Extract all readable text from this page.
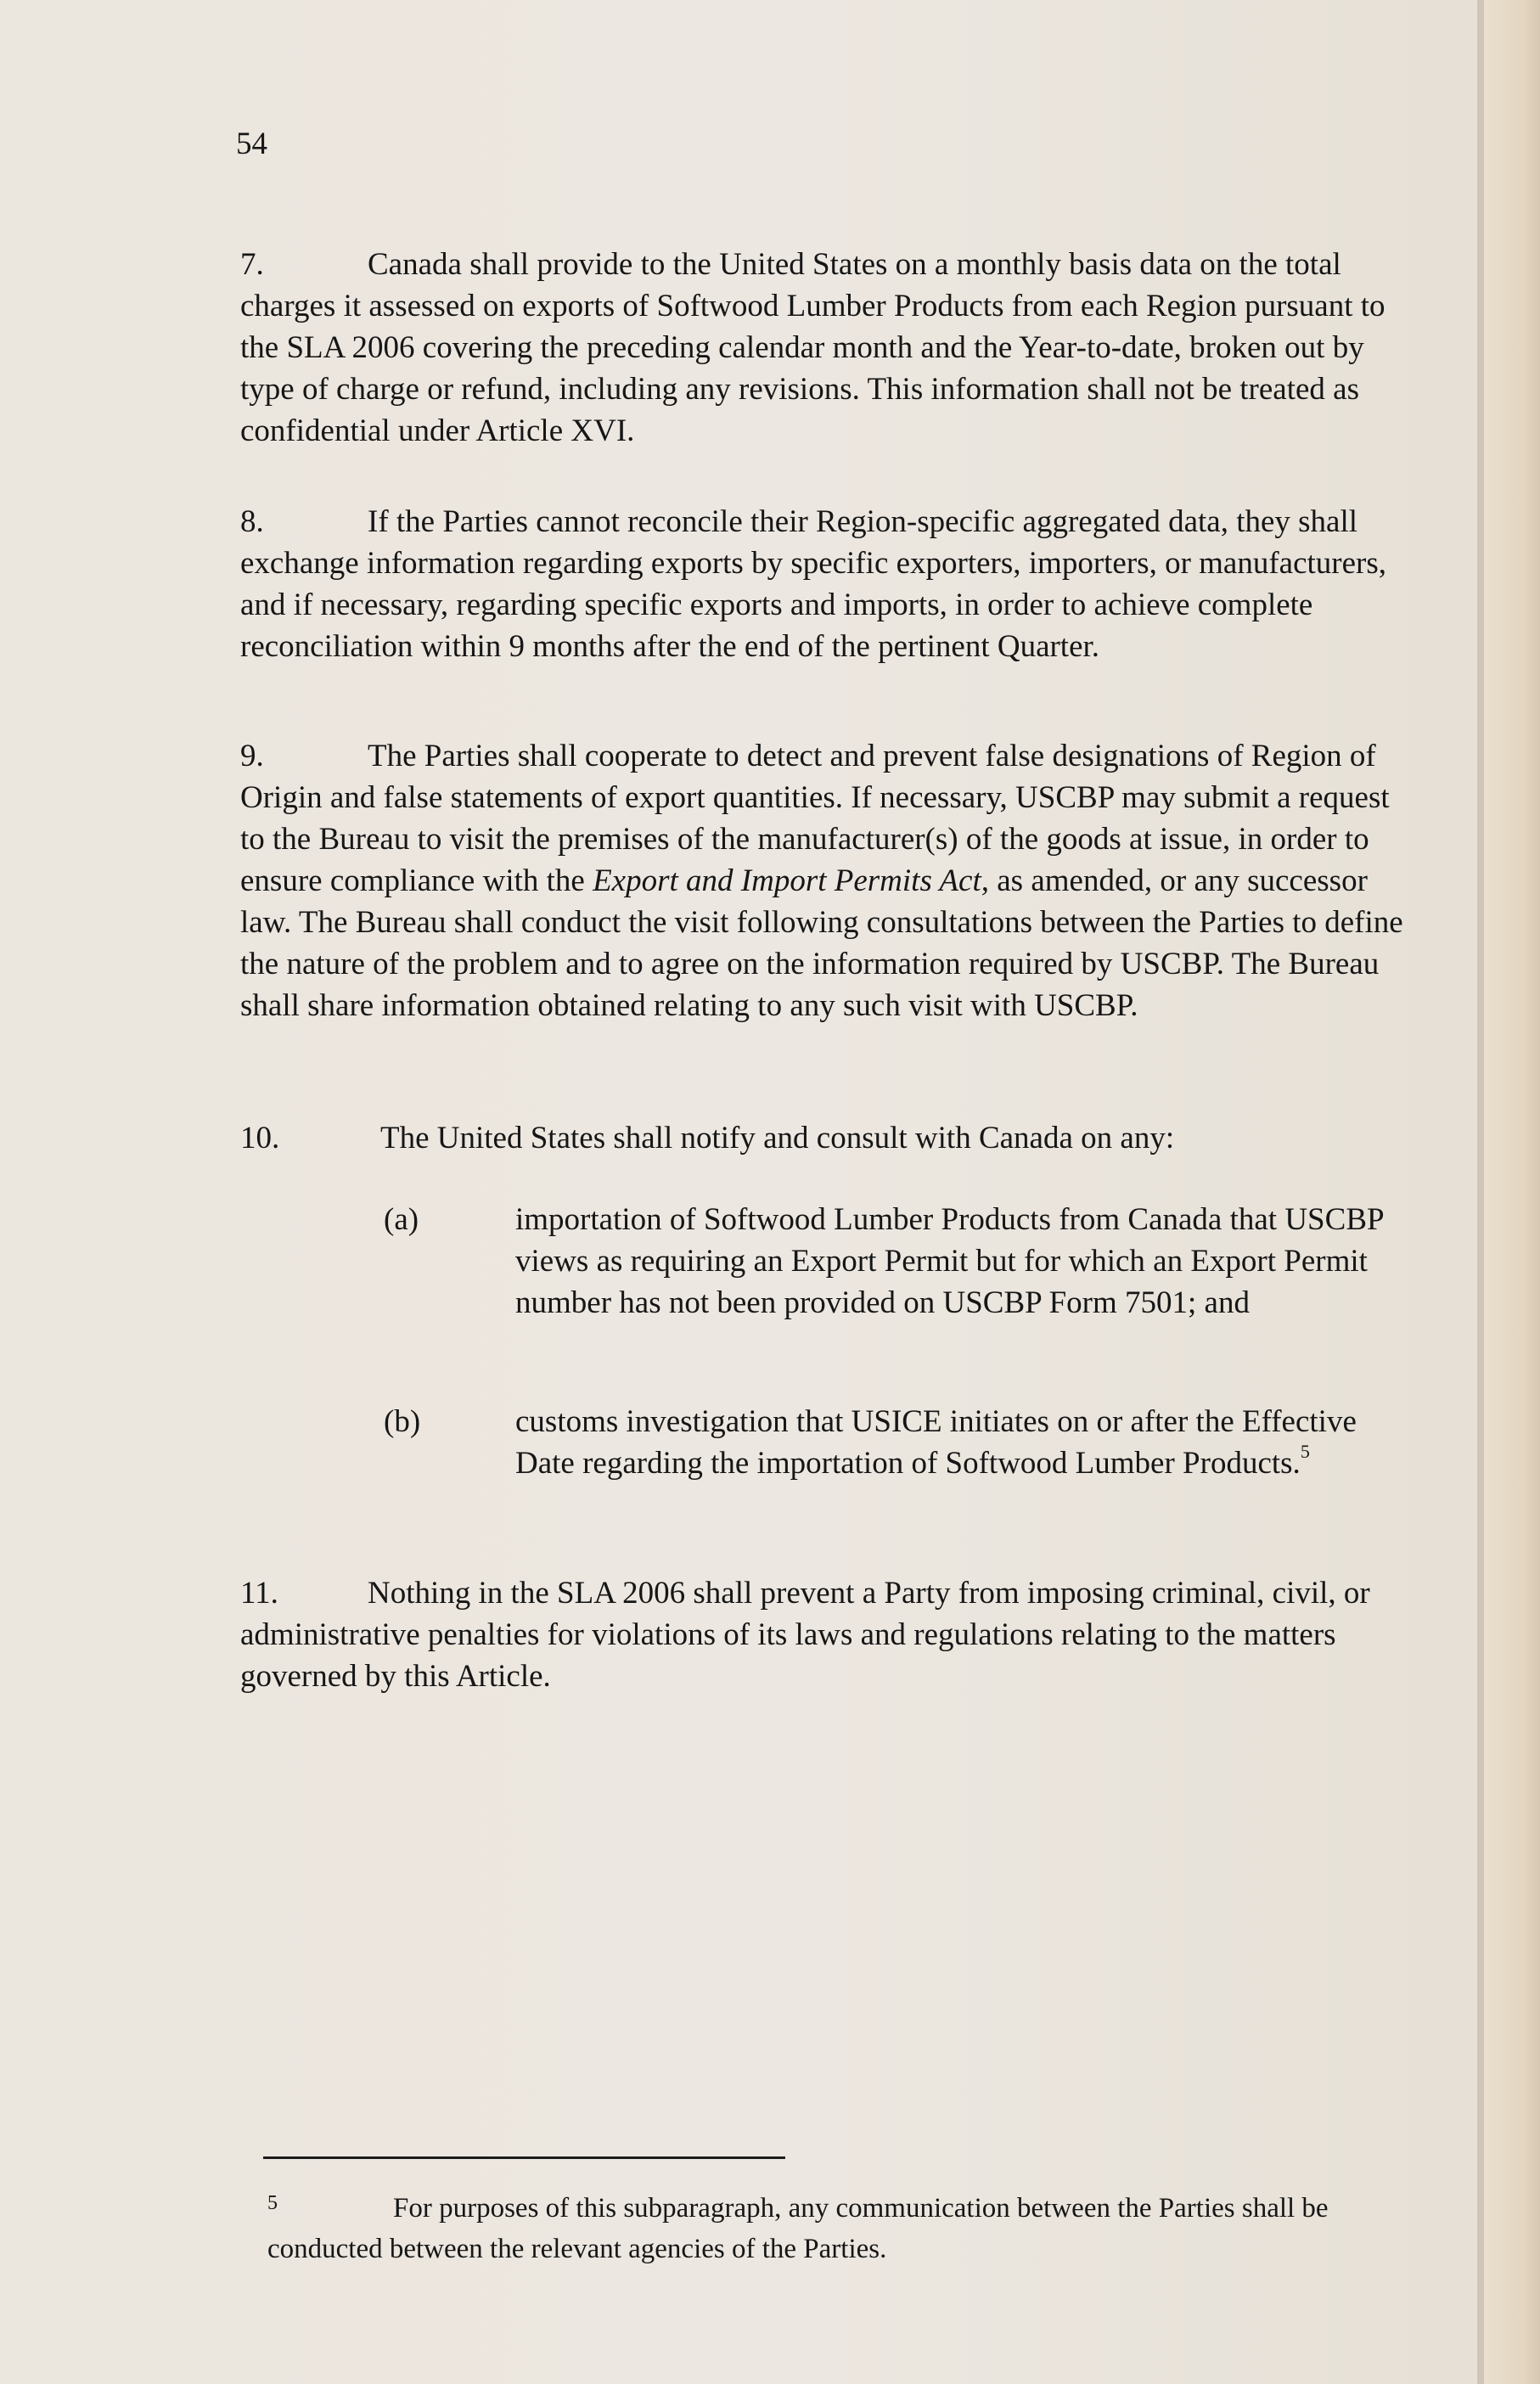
54
7.	Canada shall provide to the United States on a monthly basis data on the total charges it assessed on exports of Softwood Lumber Products from each Region pursuant to the SLA 2006 covering the preceding calendar month and the Year-to-date, broken out by type of charge or refund, including any revisions. This information shall not be treated as confidential under Article XVI.
8.	If the Parties cannot reconcile their Region-specific aggregated data, they shall exchange information regarding exports by specific exporters, importers, or manufacturers, and if necessary, regarding specific exports and imports, in order to achieve complete reconciliation within 9 months after the end of the pertinent Quarter.
9.	The Parties shall cooperate to detect and prevent false designations of Region of Origin and false statements of export quantities. If necessary, USCBP may submit a request to the Bureau to visit the premises of the manufacturer(s) of the goods at issue, in order to ensure compliance with the Export and Import Permits Act, as amended, or any successor law. The Bureau shall conduct the visit following consultations between the Parties to define the nature of the problem and to agree on the information required by USCBP. The Bureau shall share information obtained relating to any such visit with USCBP.
10.	The United States shall notify and consult with Canada on any:
(a)	importation of Softwood Lumber Products from Canada that USCBP views as requiring an Export Permit but for which an Export Permit number has not been provided on USCBP Form 7501; and
(b)	customs investigation that USICE initiates on or after the Effective Date regarding the importation of Softwood Lumber Products.$^5$
11.	Nothing in the SLA 2006 shall prevent a Party from imposing criminal, civil, or administrative penalties for violations of its laws and regulations relating to the matters governed by this Article.
5	For purposes of this subparagraph, any communication between the Parties shall be conducted between the relevant agencies of the Parties.
